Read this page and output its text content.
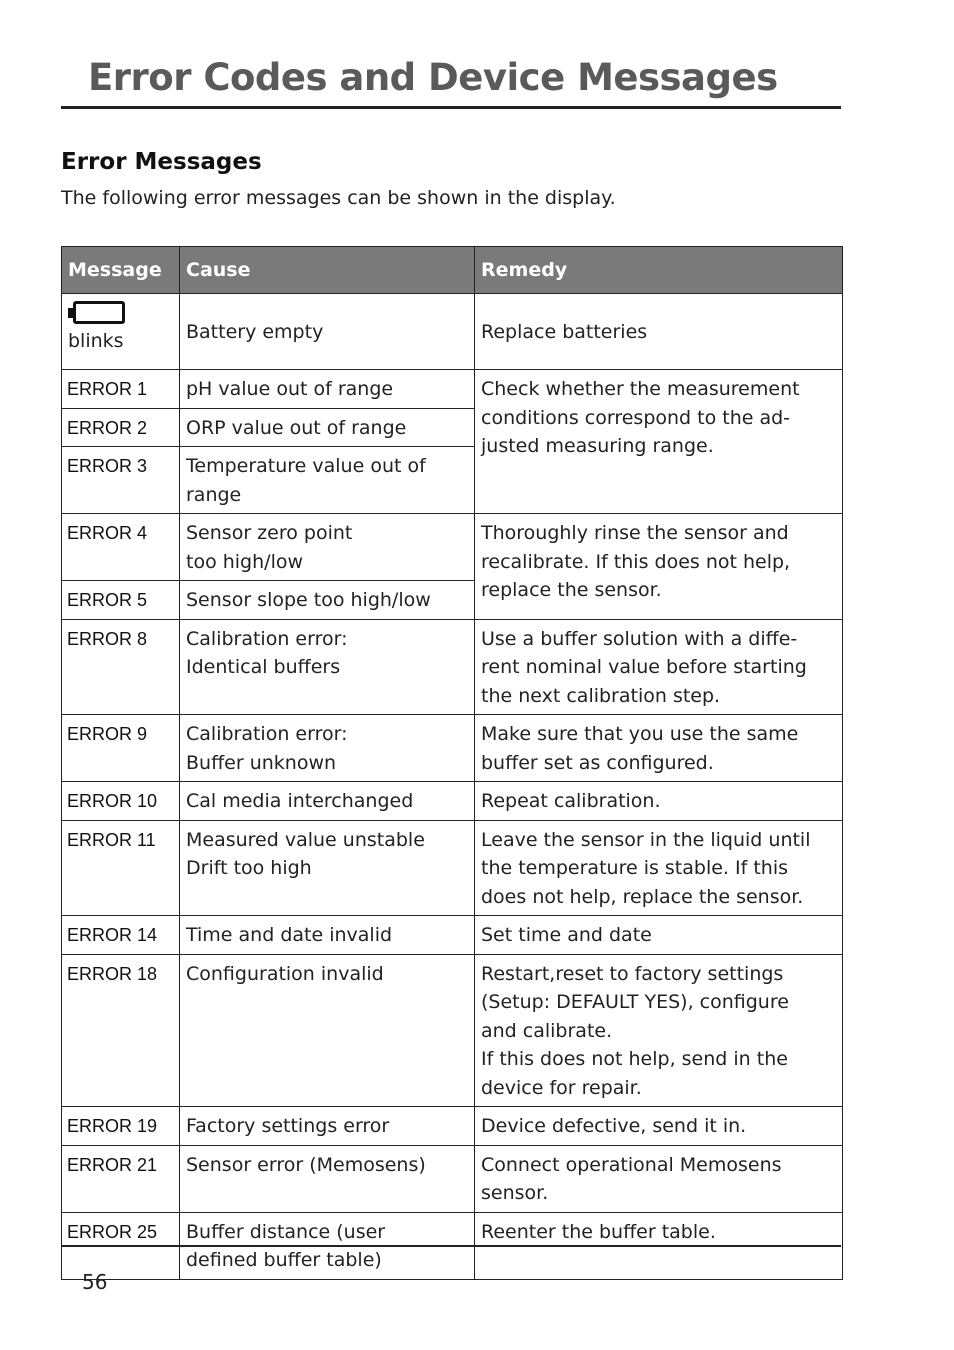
Error Codes and Device Messages
Error Messages

The following error messages can be shown in the display.

Message	Cause	Remedy

blinks	Battery empty	Replace batteries
ERROR 1	pH value out of range	Check whether the measurement
conditions correspond to the ad-
justed measuring range.

ERROR 2	ORP value out of range	
ERROR 3	Temperature value out of
range	

ERROR 4	Sensor zero point
too high/low	Thoroughly rinse the sensor and
recalibrate. If this does not help,
replace the sensor.

ERROR 5	Sensor slope too high/low	
ERROR 8	Calibration error:
Identical buffers	Use a buffer solution with a diffe-
rent nominal value before starting
the next calibration step.

ERROR 9	Calibration error:
Buffer unknown	Make sure that you use the same
buffer set as configured.

ERROR 10	Cal media interchanged	Repeat calibration.
ERROR 11	Measured value unstable
Drift too high	Leave the sensor in the liquid until
the temperature is stable. If this
does not help, replace the sensor.

ERROR 14	Time and date invalid	Set time and date
ERROR 18	Configuration invalid	Restart,reset to factory settings
(Setup: DEFAULT YES), configure
and calibrate.
If this does not help, send in the
device for repair.

ERROR 19	Factory settings error	Device defective, send it in.
ERROR 21	Sensor error (Memosens)	Connect operational Memosens
sensor.

ERROR 25	Buffer distance (user
defined buffer table)	Reenter the buffer table.

56
